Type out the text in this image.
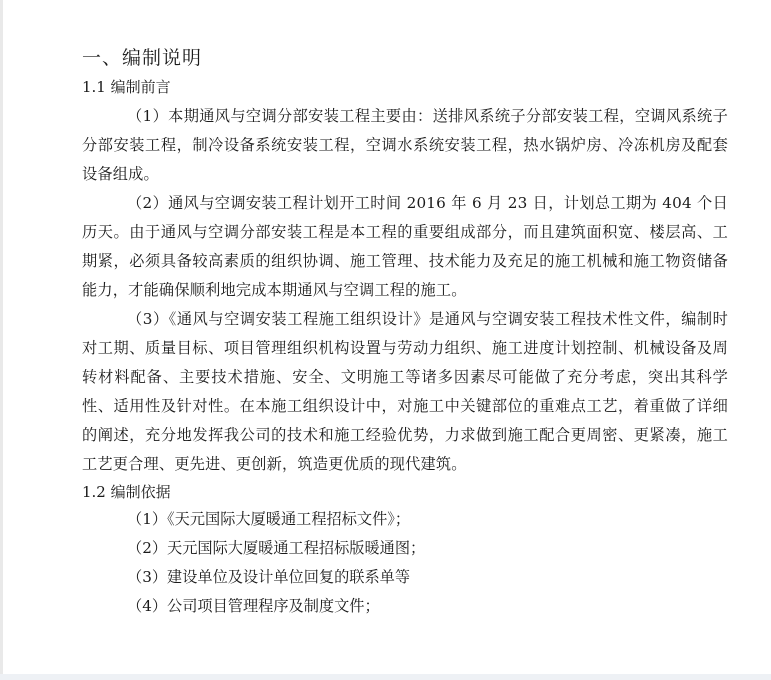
一、编制说明
1.1 编制前言

（1）本期通风与空调分部安装工程主要由：送排风系统子分部安装工程，空调风系统子分部安装工程，制冷设备系统安装工程，空调水系统安装工程，热水锅炉房、冷冻机房及配套设备组成。

（2）通风与空调安装工程计划开工时间 2016 年 6 月 23 日，计划总工期为 404 个日历天。由于通风与空调分部安装工程是本工程的重要组成部分，而且建筑面积宽、楼层高、工期紧，必须具备较高素质的组织协调、施工管理、技术能力及充足的施工机械和施工物资储备能力，才能确保顺利地完成本期通风与空调工程的施工。

（3）《通风与空调安装工程施工组织设计》是通风与空调安装工程技术性文件，编制时对工期、质量目标、项目管理组织机构设置与劳动力组织、施工进度计划控制、机械设备及周转材料配备、主要技术措施、安全、文明施工等诸多因素尽可能做了充分考虑，突出其科学性、适用性及针对性。在本施工组织设计中，对施工中关键部位的重难点工艺，着重做了详细的阐述，充分地发挥我公司的技术和施工经验优势，力求做到施工配合更周密、更紧凑，施工工艺更合理、更先进、更创新，筑造更优质的现代建筑。

1.2 编制依据
（1）《天元国际大厦暖通工程招标文件》；
（2）天元国际大厦暖通工程招标版暖通图；
（3）建设单位及设计单位回复的联系单等
（4）公司项目管理程序及制度文件；
